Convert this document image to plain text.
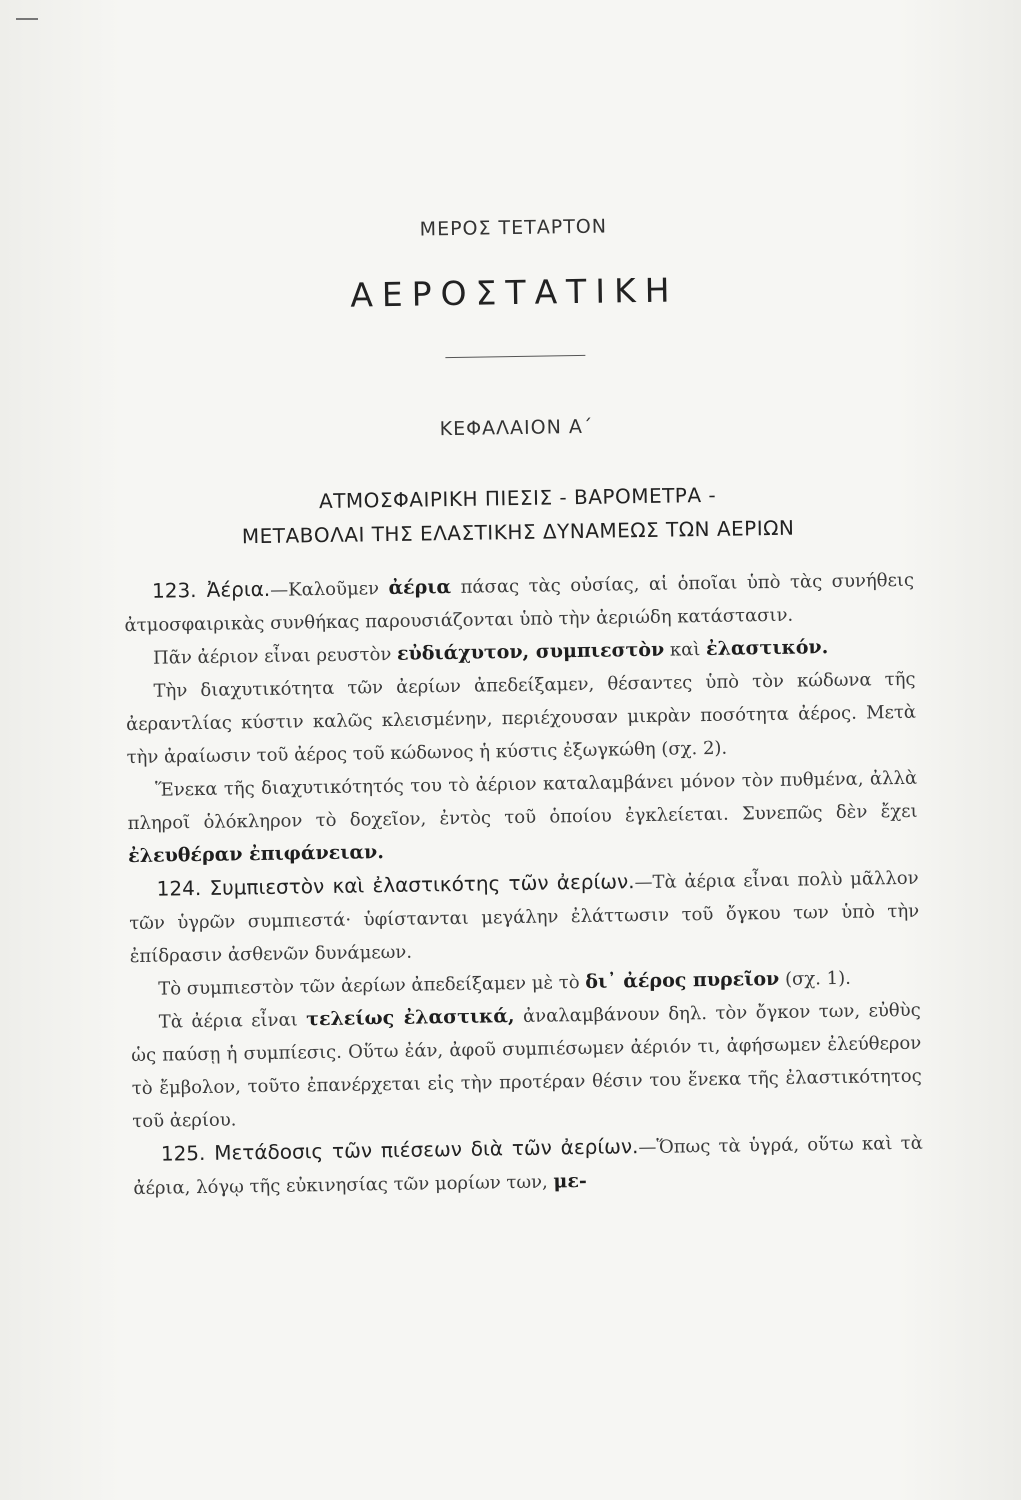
ΜΕΡΟΣ ΤΕΤΑΡΤΟΝ
ΑΕΡΟΣΤΑΤΙΚΗ
ΚΕΦΑΛΑΙΟΝ Α΄
ΑΤΜΟΣΦΑΙΡΙΚΗ ΠΙΕΣΙΣ - ΒΑΡΟΜΕΤΡΑ -
ΜΕΤΑΒΟΛΑΙ ΤΗΣ ΕΛΑΣΤΙΚΗΣ ΔΥΝΑΜΕΩΣ ΤΩΝ ΑΕΡΙΩΝ

123. Ἀέρια.—Καλοῦμεν ἀέρια πάσας τὰς οὐσίας, αἱ ὁποῖαι ὑπὸ τὰς συνήθεις ἀτμοσφαιρικὰς συνθήκας παρουσιάζονται ὑπὸ τὴν ἀεριώδη κατάστασιν.

Πᾶν ἀέριον εἶναι ρευστὸν εὐδιάχυτον, συμπιεστὸν καὶ ἐλαστικόν.

Τὴν διαχυτικότητα τῶν ἀερίων ἀπεδείξαμεν, θέσαντες ὑπὸ τὸν κώδωνα τῆς ἀεραντλίας κύστιν καλῶς κλεισμένην, περιέχουσαν μικρὰν ποσότητα ἀέρος. Μετὰ τὴν ἀραίωσιν τοῦ ἀέρος τοῦ κώδωνος ἡ κύστις ἐξωγκώθη (σχ. 2).

Ἕνεκα τῆς διαχυτικότητός του τὸ ἀέριον καταλαμβάνει μόνον τὸν πυθμένα, ἀλλὰ πληροῖ ὁλόκληρον τὸ δοχεῖον, ἐντὸς τοῦ ὁποίου ἐγκλείεται. Συνεπῶς δὲν ἔχει ἐλευθέραν ἐπιφάνειαν.

124. Συμπιεστὸν καὶ ἐλαστικότης τῶν ἀερίων.—Τὰ ἀέρια εἶναι πολὺ μᾶλλον τῶν ὑγρῶν συμπιεστά· ὑφίστανται μεγάλην ἐλάττωσιν τοῦ ὄγκου των ὑπὸ τὴν ἐπίδρασιν ἀσθενῶν δυνάμεων.

Τὸ συμπιεστὸν τῶν ἀερίων ἀπεδείξαμεν μὲ τὸ δι᾽ ἀέρος πυρεῖον (σχ. 1).

Τὰ ἀέρια εἶναι τελείως ἐλαστικά, ἀναλαμβάνουν δηλ. τὸν ὄγκον των, εὐθὺς ὡς παύσῃ ἡ συμπίεσις. Οὕτω ἐάν, ἀφοῦ συμπιέσωμεν ἀέριόν τι, ἀφήσωμεν ἐλεύθερον τὸ ἔμβολον, τοῦτο ἐπανέρχεται εἰς τὴν προτέραν θέσιν του ἕνεκα τῆς ἐλαστικότητος τοῦ ἀερίου.

125. Μετάδοσις τῶν πιέσεων διὰ τῶν ἀερίων.—Ὅπως τὰ ὑγρά, οὕτω καὶ τὰ ἀέρια, λόγῳ τῆς εὐκινησίας τῶν μορίων των, με-
